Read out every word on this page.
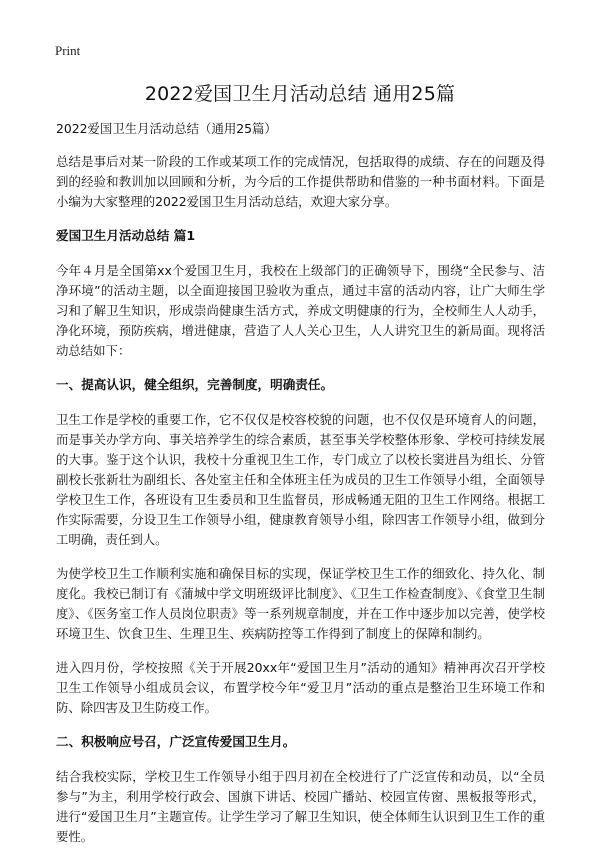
Print
2022爱国卫生月活动总结 通用25篇

2022爱国卫生月活动总结（通用25篇）

总结是事后对某一阶段的工作或某项工作的完成情况，包括取得的成绩、存在的问题及得到的经验和教训加以回顾和分析，为今后的工作提供帮助和借鉴的一种书面材料。下面是小编为大家整理的2022爱国卫生月活动总结，欢迎大家分享。

爱国卫生月活动总结 篇1

今年４月是全国第xx个爱国卫生月，我校在上级部门的正确领导下，围绕“全民参与、洁净环境”的活动主题，以全面迎接国卫验收为重点，通过丰富的活动内容，让广大师生学习和了解卫生知识，形成崇尚健康生活方式，养成文明健康的行为，全校师生人人动手，净化环境，预防疾病，增进健康，营造了人人关心卫生，人人讲究卫生的新局面。现将活动总结如下：

一、提高认识，健全组织，完善制度，明确责任。

卫生工作是学校的重要工作，它不仅仅是校容校貌的问题，也不仅仅是环境育人的问题，而是事关办学方向、事关培养学生的综合素质，甚至事关学校整体形象、学校可持续发展的大事。鉴于这个认识，我校十分重视卫生工作，专门成立了以校长窦进昌为组长、分管副校长张新壮为副组长、各处室主任和全体班主任为成员的卫生工作领导小组，全面领导学校卫生工作，各班设有卫生委员和卫生监督员，形成畅通无阻的卫生工作网络。根据工作实际需要，分设卫生工作领导小组，健康教育领导小组，除四害工作领导小组，做到分工明确，责任到人。

为使学校卫生工作顺利实施和确保目标的实现，保证学校卫生工作的细致化、持久化、制度化。我校已制订有《蒲城中学文明班级评比制度》、《卫生工作检查制度》、《食堂卫生制度》、《医务室工作人员岗位职责》等一系列规章制度，并在工作中逐步加以完善，使学校环境卫生、饮食卫生、生理卫生、疾病防控等工作得到了制度上的保障和制约。

进入四月份，学校按照《关于开展20xx年“爱国卫生月”活动的通知》精神再次召开学校卫生工作领导小组成员会议，布置学校今年“爱卫月”活动的重点是整治卫生环境工作和防、除四害及卫生防疫工作。

二、积极响应号召，广泛宣传爱国卫生月。

结合我校实际，学校卫生工作领导小组于四月初在全校进行了广泛宣传和动员，以“全员参与”为主，利用学校行政会、国旗下讲话、校园广播站、校园宣传窗、黑板报等形式，进行“爱国卫生月”主题宣传。让学生学习了解卫生知识，使全体师生认识到卫生工作的重要性。
